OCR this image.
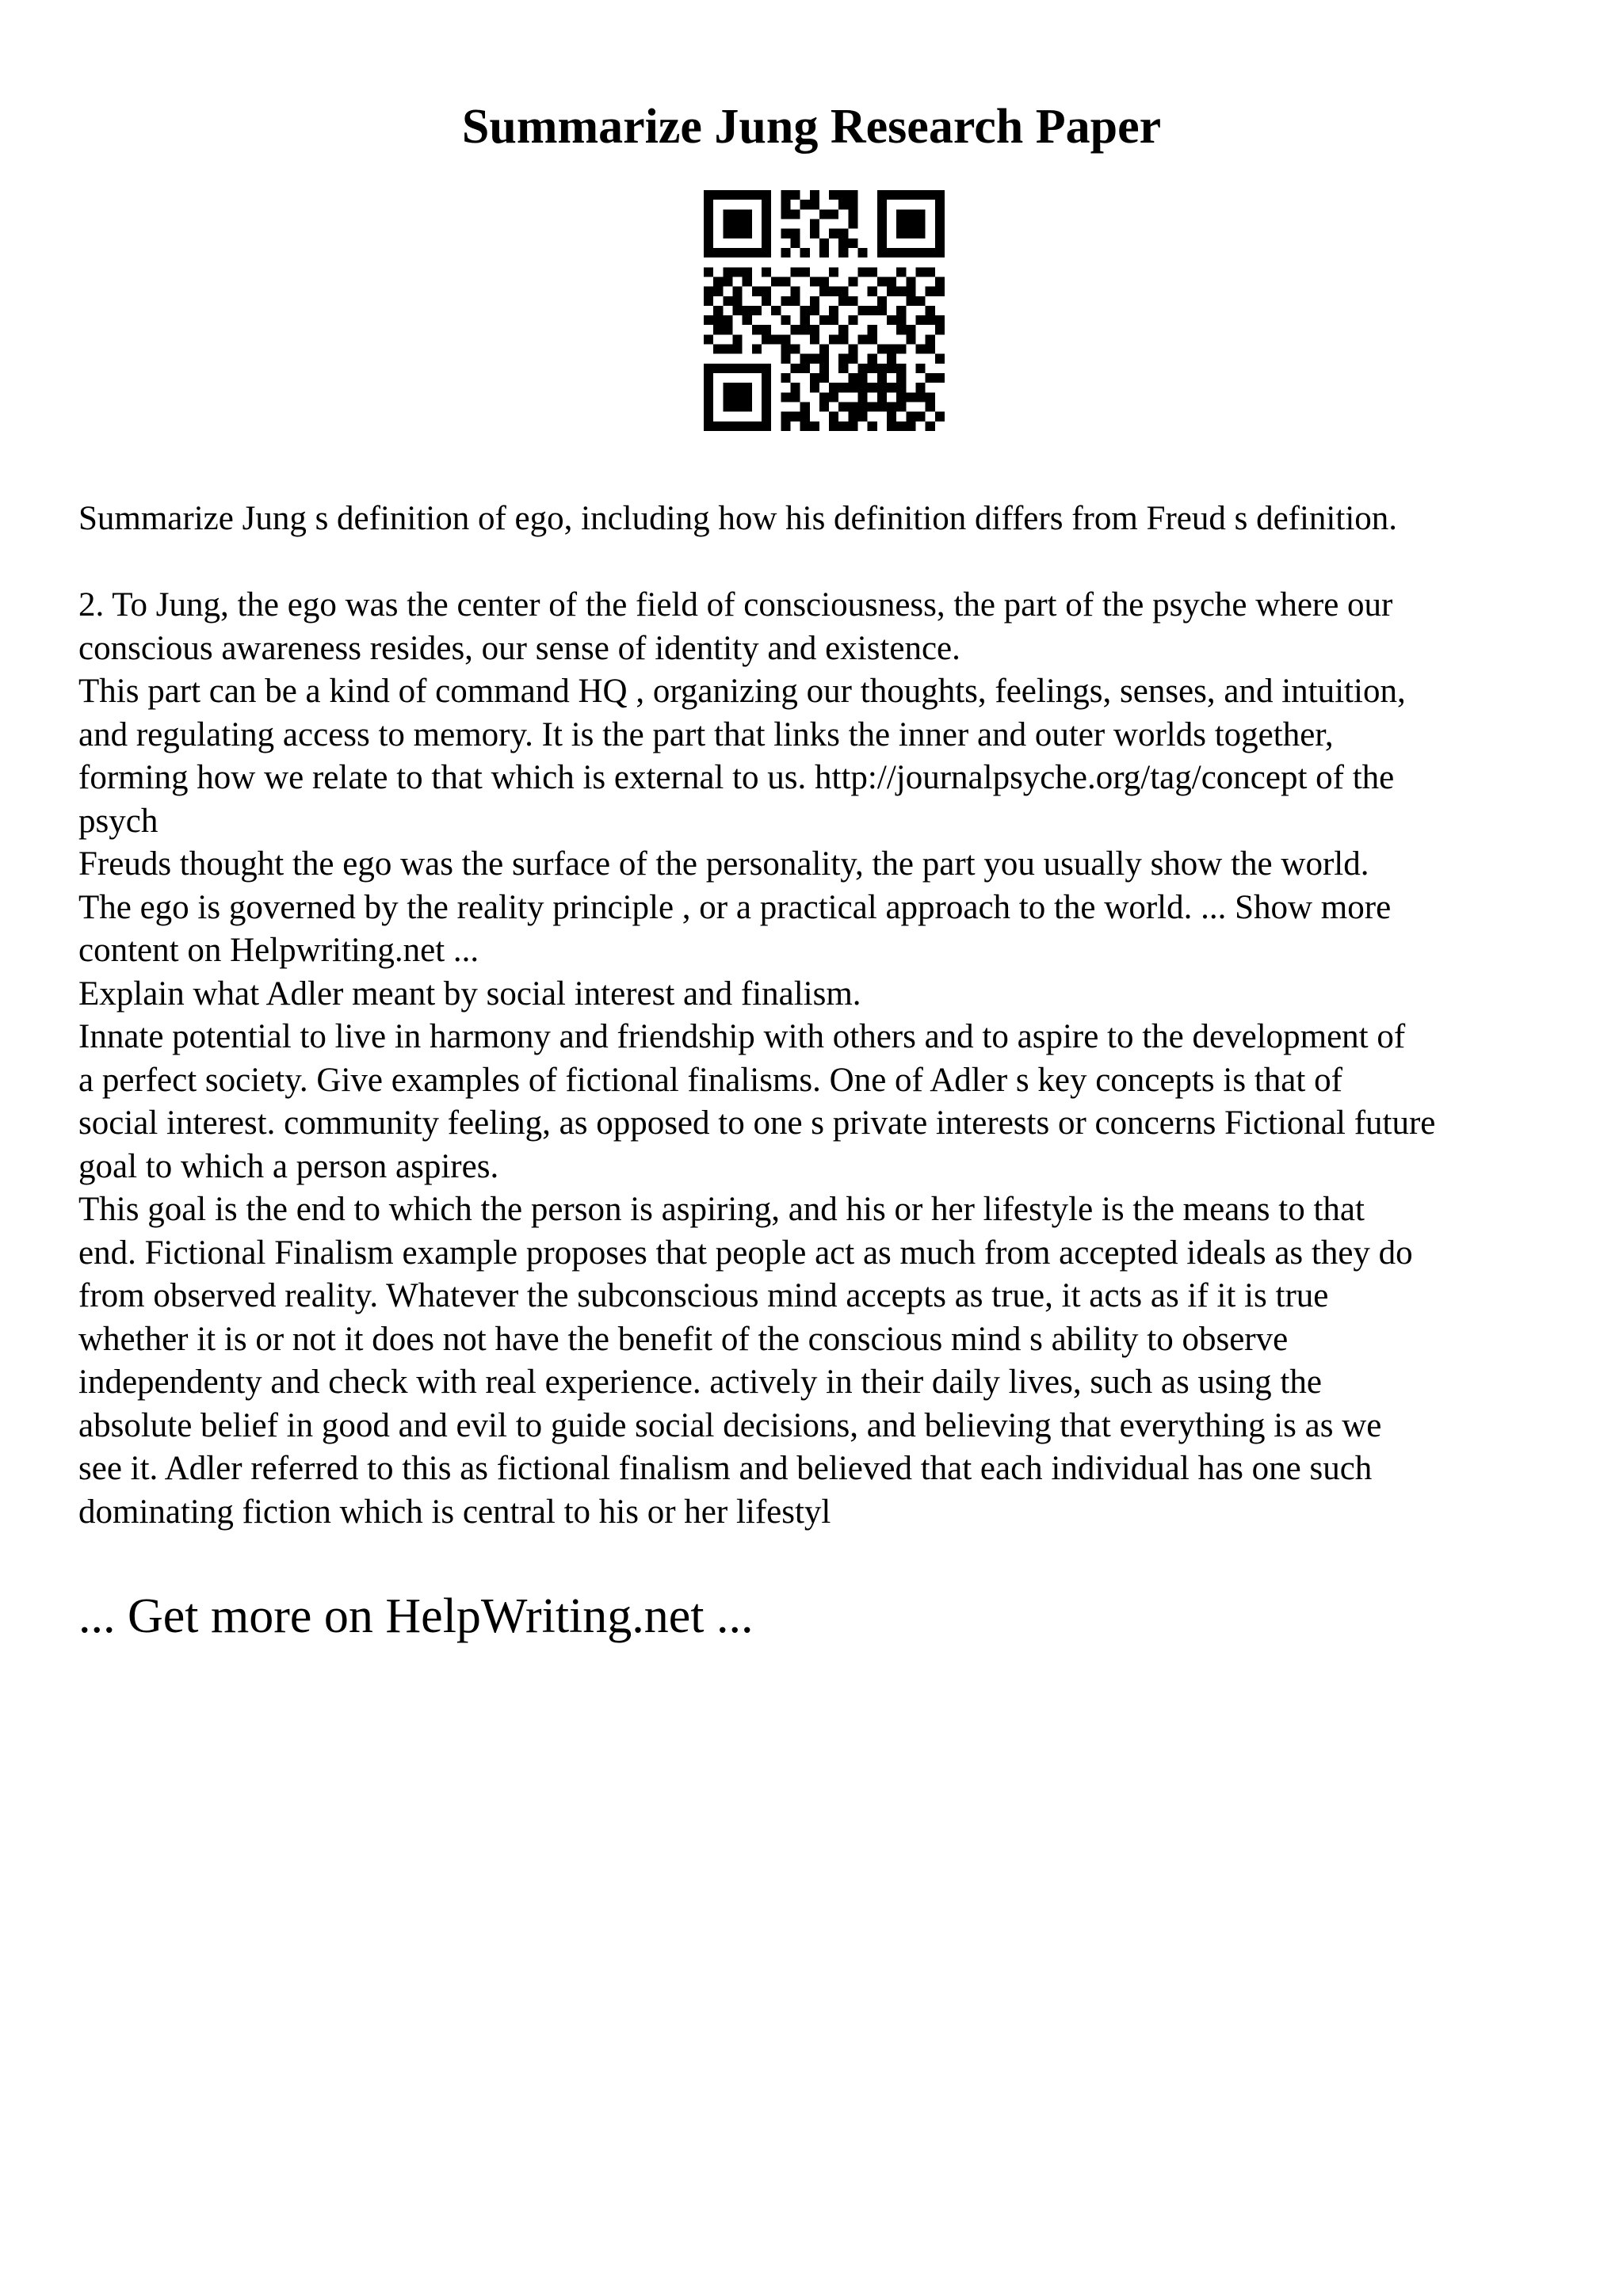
Summarize Jung Research Paper

Summarize Jung s definition of ego, including how his definition differs from Freud s definition.

2. To Jung, the ego was the center of the field of consciousness, the part of the psyche where our
conscious awareness resides, our sense of identity and existence.

This part can be a kind of command HQ , organizing our thoughts, feelings, senses, and intuition,
and regulating access to memory. It is the part that links the inner and outer worlds together,
forming how we relate to that which is external to us. http://journalpsyche.org/tag/concept of the
psych

Freuds thought the ego was the surface of the personality, the part you usually show the world.
The ego is governed by the reality principle , or a practical approach to the world. ... Show more
content on Helpwriting.net ...

Explain what Adler meant by social interest and finalism.

Innate potential to live in harmony and friendship with others and to aspire to the development of
a perfect society. Give examples of fictional finalisms. One of Adler s key concepts is that of
social interest. community feeling, as opposed to one s private interests or concerns Fictional future
goal to which a person aspires.

This goal is the end to which the person is aspiring, and his or her lifestyle is the means to that
end. Fictional Finalism example proposes that people act as much from accepted ideals as they do
from observed reality. Whatever the subconscious mind accepts as true, it acts as if it is true
whether it is or not it does not have the benefit of the conscious mind s ability to observe
independenty and check with real experience. actively in their daily lives, such as using the
absolute belief in good and evil to guide social decisions, and believing that everything is as we
see it. Adler referred to this as fictional finalism and believed that each individual has one such
dominating fiction which is central to his or her lifestyl

... Get more on HelpWriting.net ...
